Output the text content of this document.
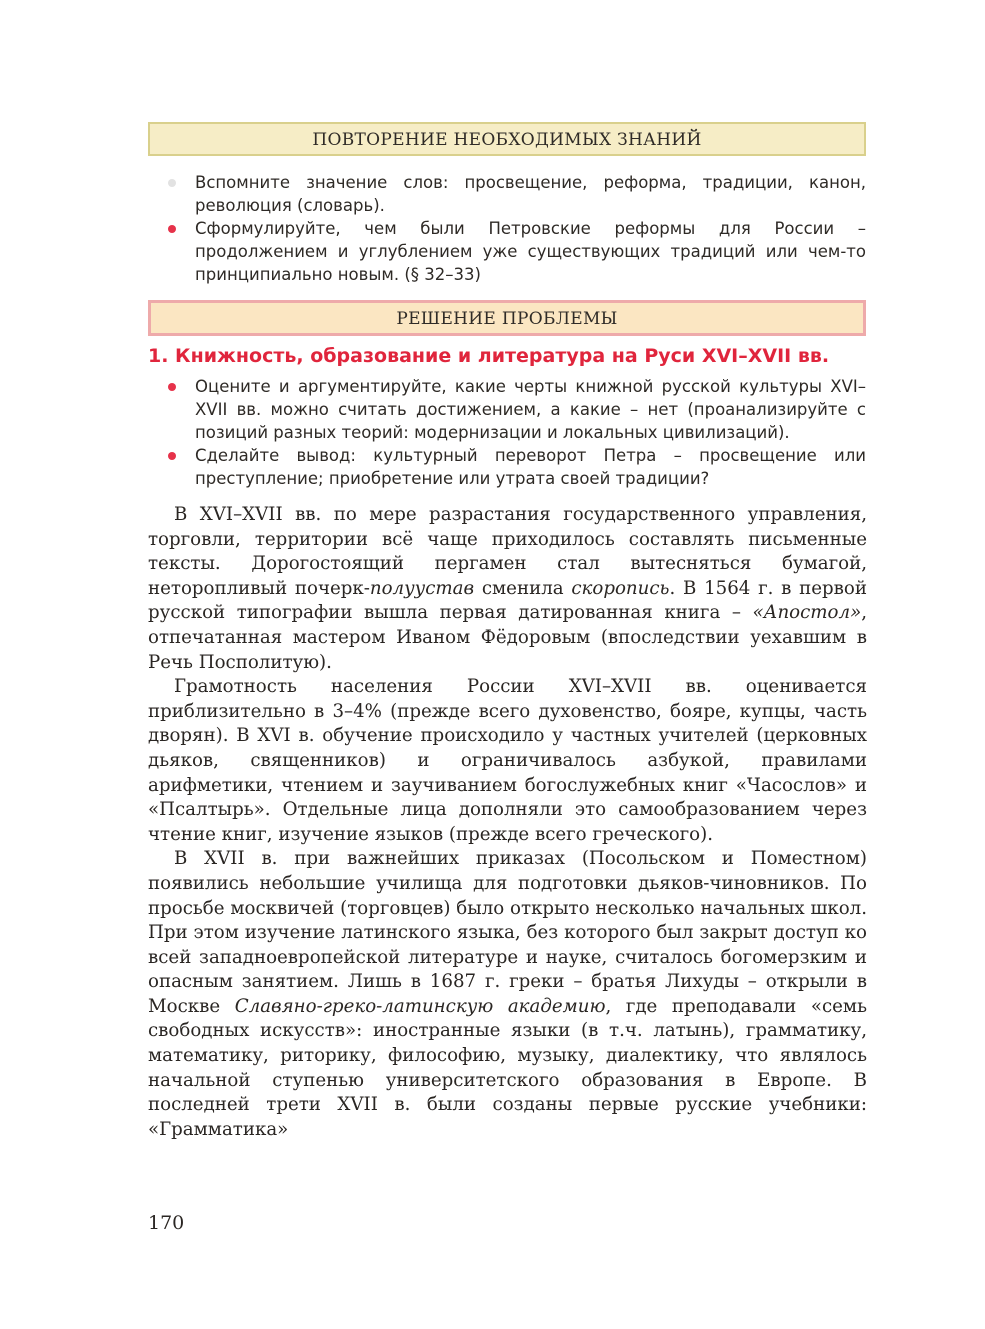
ПОВТОРЕНИЕ НЕОБХОДИМЫХ ЗНАНИЙ
Вспомните значение слов: просвещение, реформа, традиции, канон, революция (словарь).
Сформулируйте, чем были Петровские реформы для России – продолжением и углублением уже существующих традиций или чем-то принципиально новым. (§ 32–33)
РЕШЕНИЕ ПРОБЛЕМЫ
1. Книжность, образование и литература на Руси XVI–XVII вв.
Оцените и аргументируйте, какие черты книжной русской культуры XVI–XVII вв. можно считать достижением, а какие – нет (проанализируйте с позиций разных теорий: модернизации и локальных цивилизаций).
Сделайте вывод: культурный переворот Петра – просвещение или преступление; приобретение или утрата своей традиции?

В XVI–XVII вв. по мере разрастания государственного управления, торговли, территории всё чаще приходилось составлять письменные тексты. Дорогостоящий пергамен стал вытесняться бумагой, неторопливый почерк-полуустав сменила скоропись. В 1564 г. в первой русской типографии вышла первая датированная книга – «Апостол», отпечатанная мастером Иваном Фёдоровым (впоследствии уехавшим в Речь Посполитую).

Грамотность населения России XVI–XVII вв. оценивается приблизительно в 3–4% (прежде всего духовенство, бояре, купцы, часть дворян). В XVI в. обучение происходило у частных учителей (церковных дьяков, священников) и ограничивалось азбукой, правилами арифметики, чтением и заучиванием богослужебных книг «Часослов» и «Псалтырь». Отдельные лица дополняли это самообразованием через чтение книг, изучение языков (прежде всего греческого).

В XVII в. при важнейших приказах (Посольском и Поместном) появились небольшие училища для подготовки дьяков-чиновников. По просьбе москвичей (торговцев) было открыто несколько начальных школ. При этом изучение латинского языка, без которого был закрыт доступ ко всей западноевропейской литературе и науке, считалось богомерзким и опасным занятием. Лишь в 1687 г. греки – братья Лихуды – открыли в Москве Славяно-греко-латинскую академию, где преподавали «семь свободных искусств»: иностранные языки (в т.ч. латынь), грамматику, математику, риторику, философию, музыку, диалектику, что являлось начальной ступенью университетского образования в Европе. В последней трети XVII в. были созданы первые русские учебники: «Грамматика»

170
